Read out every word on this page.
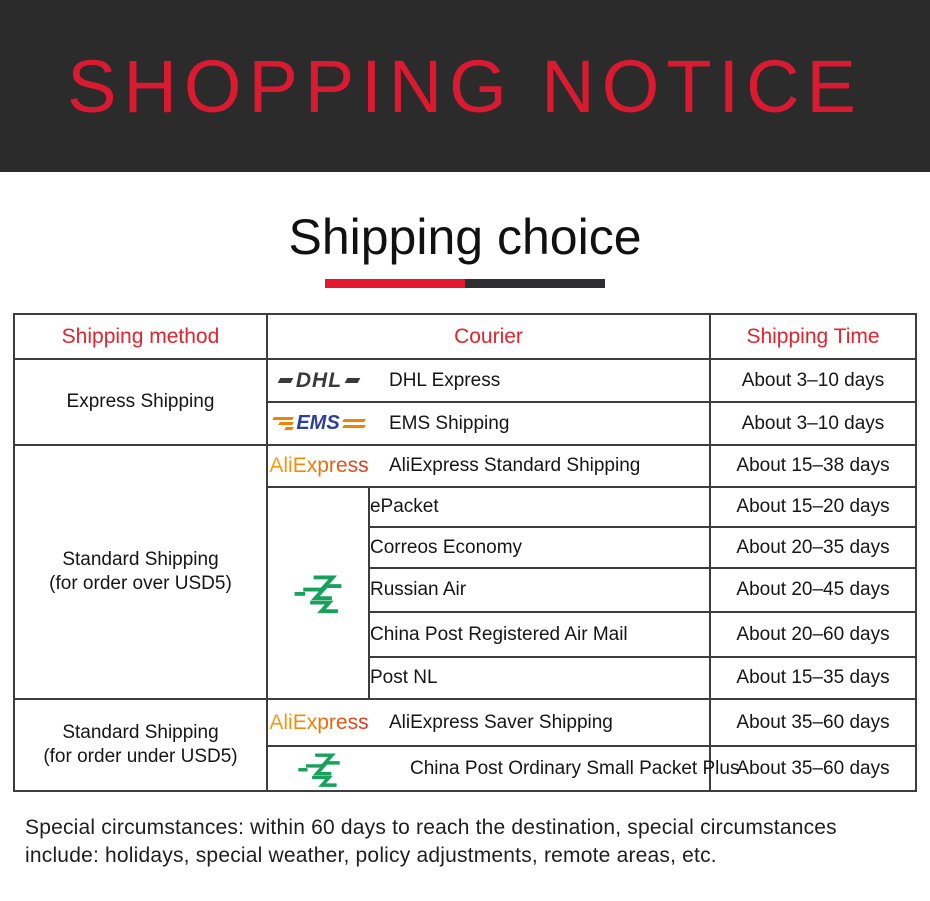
SHOPPING NOTICE
Shipping choice
Shipping method	Courier		Shipping Time
Express Shipping	DHL DHL Express		About 3–10 days

	EMS EMS Shipping		About 3–10 days

Standard Shipping
(for order over USD5)	AliExpress AliExpress Standard Shipping		About 15–38 days

	ePacket	About 15–20 days
		Correos Economy	About 20–35 days
		Russian Air	About 20–45 days
		China Post Registered Air Mail	About 20–60 days
		Post NL	About 15–35 days

Standard Shipping
(for order under USD5)	AliExpress AliExpress Saver Shipping		About 35–60 days

	China Post Ordinary Small Packet Plus		About 35–60 days

Special circumstances: within 60 days to reach the destination, special circumstances include: holidays, special weather, policy adjustments, remote areas, etc.
